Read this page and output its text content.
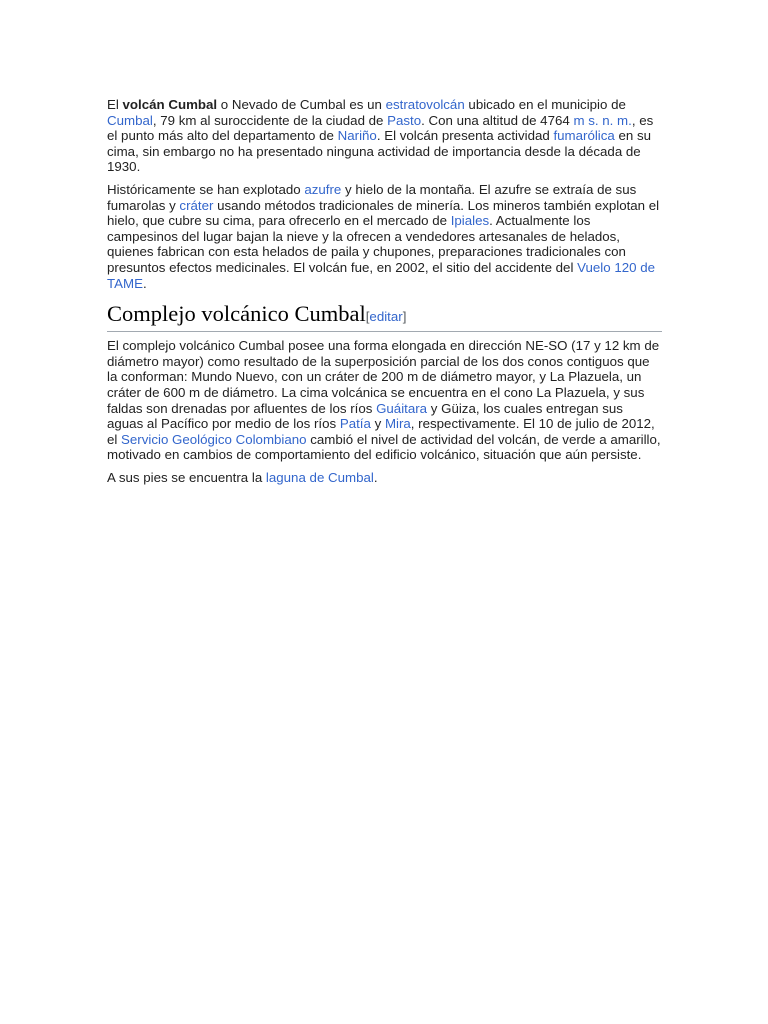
El volcán Cumbal o Nevado de Cumbal es un estratovolcán ubicado en el municipio de Cumbal, 79 km al suroccidente de la ciudad de Pasto. Con una altitud de 4764 m s. n. m., es el punto más alto del departamento de Nariño. El volcán presenta actividad fumarólica en su cima, sin embargo no ha presentado ninguna actividad de importancia desde la década de 1930.

Históricamente se han explotado azufre y hielo de la montaña. El azufre se extraía de sus fumarolas y cráter usando métodos tradicionales de minería. Los mineros también explotan el hielo, que cubre su cima, para ofrecerlo en el mercado de Ipiales. Actualmente los campesinos del lugar bajan la nieve y la ofrecen a vendedores artesanales de helados, quienes fabrican con esta helados de paila y chupones, preparaciones tradicionales con presuntos efectos medicinales. El volcán fue, en 2002, el sitio del accidente del Vuelo 120 de TAME.

Complejo volcánico Cumbal[editar]

El complejo volcánico Cumbal posee una forma elongada en dirección NE-SO (17 y 12 km de diámetro mayor) como resultado de la superposición parcial de los dos conos contiguos que la conforman: Mundo Nuevo, con un cráter de 200 m de diámetro mayor, y La Plazuela, un cráter de 600 m de diámetro. La cima volcánica se encuentra en el cono La Plazuela, y sus faldas son drenadas por afluentes de los ríos Guáitara y Güiza, los cuales entregan sus aguas al Pacífico por medio de los ríos Patía y Mira, respectivamente. El 10 de julio de 2012, el Servicio Geológico Colombiano cambió el nivel de actividad del volcán, de verde a amarillo, motivado en cambios de comportamiento del edificio volcánico, situación que aún persiste.

A sus pies se encuentra la laguna de Cumbal.
